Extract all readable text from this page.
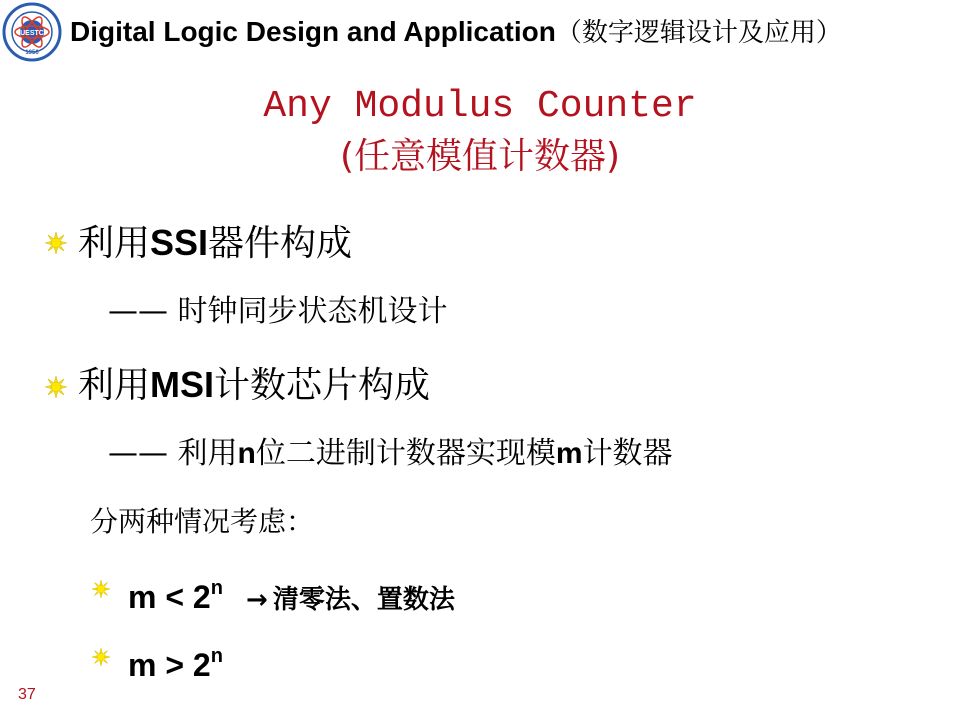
UESTC
1956
Digital Logic Design and Application（数字逻辑设计及应用）
Any Modulus Counter
(任意模值计数器)
利用SSI器件构成
—— 时钟同步状态机设计
利用MSI计数芯片构成
—— 利用n位二进制计数器实现模m计数器
分两种情况考虑：
$m < 2^n$ → 清零法、置数法
$m > 2^n$
37
